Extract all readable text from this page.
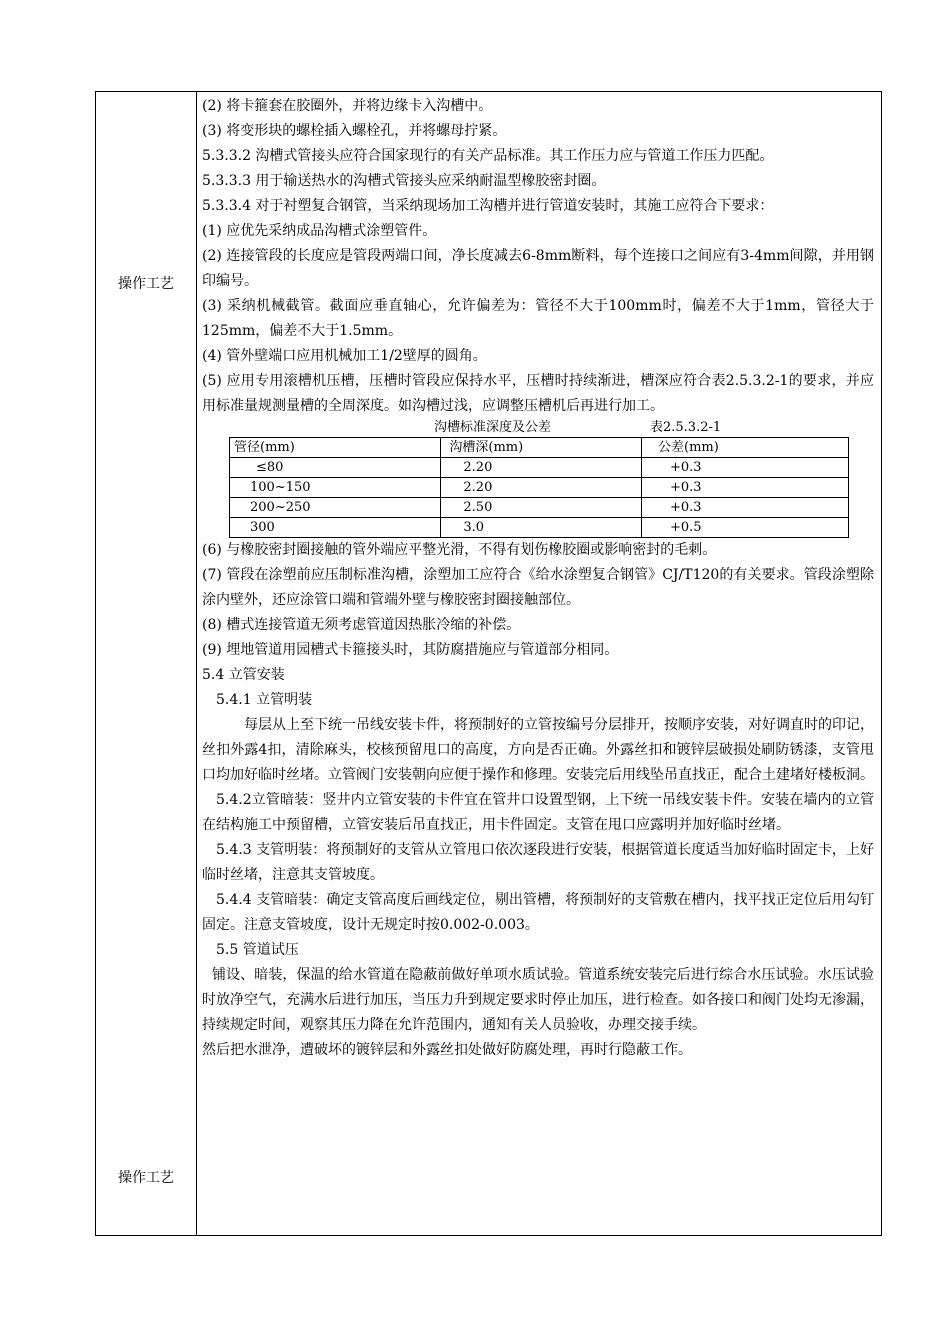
操作工艺
操作工艺

(2) 将卡箍套在胶圈外，并将边缘卡入沟槽中。

(3) 将变形块的螺栓插入螺栓孔，并将螺母拧紧。

5.3.3.2 沟槽式管接头应符合国家现行的有关产品标准。其工作压力应与管道工作压力匹配。

5.3.3.3 用于输送热水的沟槽式管接头应采纳耐温型橡胶密封圈。

5.3.3.4 对于衬塑复合钢管，当采纳现场加工沟槽并进行管道安装时，其施工应符合下要求：

(1) 应优先采纳成品沟槽式涂塑管件。

(2) 连接管段的长度应是管段两端口间，净长度减去6-8mm断料，每个连接口之间应有3-4mm间隙，并用钢印编号。

(3) 采纳机械截管。截面应垂直轴心，允许偏差为：管径不大于100mm时，偏差不大于1mm，管径大于125mm，偏差不大于1.5mm。

(4) 管外壁端口应用机械加工1/2壁厚的圆角。

(5) 应用专用滚槽机压槽，压槽时管段应保持水平，压槽时持续渐进，槽深应符合表2.5.3.2-1的要求，并应用标准量规测量槽的全周深度。如沟槽过浅，应调整压槽机后再进行加工。

沟槽标准深度及公差	表2.5.3.2-1
管径(mm)	沟槽深(mm)	公差(mm)
≤80	2.20	+0.3
100~150	2.20	+0.3
200~250	2.50	+0.3
300	3.0	+0.5

(6) 与橡胶密封圈接触的管外端应平整光滑，不得有划伤橡胶圈或影响密封的毛刺。

(7) 管段在涂塑前应压制标准沟槽，涂塑加工应符合《给水涂塑复合钢管》CJ/T120的有关要求。管段涂塑除涂内壁外，还应涂管口端和管端外壁与橡胶密封圈接触部位。

(8) 槽式连接管道无须考虑管道因热胀冷缩的补偿。

(9) 埋地管道用园槽式卡箍接头时，其防腐措施应与管道部分相同。

5.4 立管安装

5.4.1 立管明装

每层从上至下统一吊线安装卡件，将预制好的立管按编号分层排开，按顺序安装，对好调直时的印记，丝扣外露4扣，清除麻头，校核预留甩口的高度，方向是否正确。外露丝扣和镀锌层破损处刷防锈漆，支管甩口均加好临时丝堵。立管阀门安装朝向应便于操作和修理。安装完后用线坠吊直找正，配合土建堵好楼板洞。

5.4.2立管暗装：竖井内立管安装的卡件宜在管井口设置型钢，上下统一吊线安装卡件。安装在墙内的立管在结构施工中预留槽，立管安装后吊直找正，用卡件固定。支管在甩口应露明并加好临时丝堵。

5.4.3 支管明装：将预制好的支管从立管甩口依次逐段进行安装，根据管道长度适当加好临时固定卡，上好临时丝堵，注意其支管坡度。

5.4.4 支管暗装：确定支管高度后画线定位，剔出管槽，将预制好的支管敷在槽内，找平找正定位后用勾钉固定。注意支管坡度，设计无规定时按0.002-0.003。

5.5 管道试压

铺设、暗装，保温的给水管道在隐蔽前做好单项水质试验。管道系统安装完后进行综合水压试验。水压试验时放净空气，充满水后进行加压，当压力升到规定要求时停止加压，进行检查。如各接口和阀门处均无渗漏，持续规定时间，观察其压力降在允许范围内，通知有关人员验收，办理交接手续。

然后把水泄净，遭破坏的镀锌层和外露丝扣处做好防腐处理，再时行隐蔽工作。
